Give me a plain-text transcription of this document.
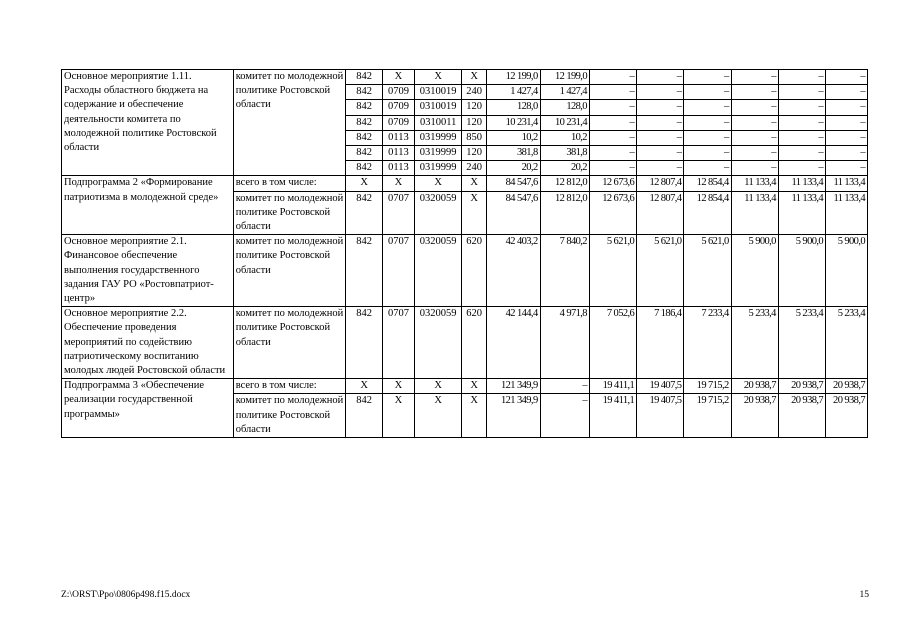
Основное мероприятие 1.11. Расходы областного бюджета на содержание и обеспечение деятельности комитета по молодежной политике Ростовской области	комитет по молодежной политике Ростовской области	842	Х	Х	Х	12 199,0	12 199,0	–	–	–	–	–	–
		842	0709	0310019	240	1 427,4	1 427,4	–	–	–	–	–	–
		842	0709	0310019	120	128,0	128,0	–	–	–	–	–	–
		842	0709	0310011	120	10 231,4	10 231,4	–	–	–	–	–	–
		842	0113	0319999	850	10,2	10,2	–	–	–	–	–	–
		842	0113	0319999	120	381,8	381,8	–	–	–	–	–	–
		842	0113	0319999	240	20,2	20,2	–	–	–	–	–	–
Подпрограмма 2 «Формирование патриотизма в молодежной среде»	всего в том числе:	Х	Х	Х	Х	84 547,6	12 812,0	12 673,6	12 807,4	12 854,4	11 133,4	11 133,4	11 133,4
	комитет по молодежной политике Ростовской области	842	0707	0320059	Х	84 547,6	12 812,0	12 673,6	12 807,4	12 854,4	11 133,4	11 133,4	11 133,4
Основное мероприятие 2.1. Финансовое обеспечение выполнения государственного задания ГАУ РО «Ростовпатриот-центр»	комитет по молодежной политике Ростовской области	842	0707	0320059	620	42 403,2	7 840,2	5 621,0	5 621,0	5 621,0	5 900,0	5 900,0	5 900,0
Основное мероприятие 2.2. Обеспечение проведения мероприятий по содействию патриотическому воспитанию молодых людей Ростовской области	комитет по молодежной политике Ростовской области	842	0707	0320059	620	42 144,4	4 971,8	7 052,6	7 186,4	7 233,4	5 233,4	5 233,4	5 233,4
Подпрограмма 3 «Обеспечение реализации государственной программы»	всего в том числе:	Х	Х	Х	Х	121 349,9	–	19 411,1	19 407,5	19 715,2	20 938,7	20 938,7	20 938,7
	комитет по молодежной политике Ростовской области	842	Х	Х	Х	121 349,9	–	19 411,1	19 407,5	19 715,2	20 938,7	20 938,7	20 938,7
Z:\ORST\Ppo\0806p498.f15.docx	15
